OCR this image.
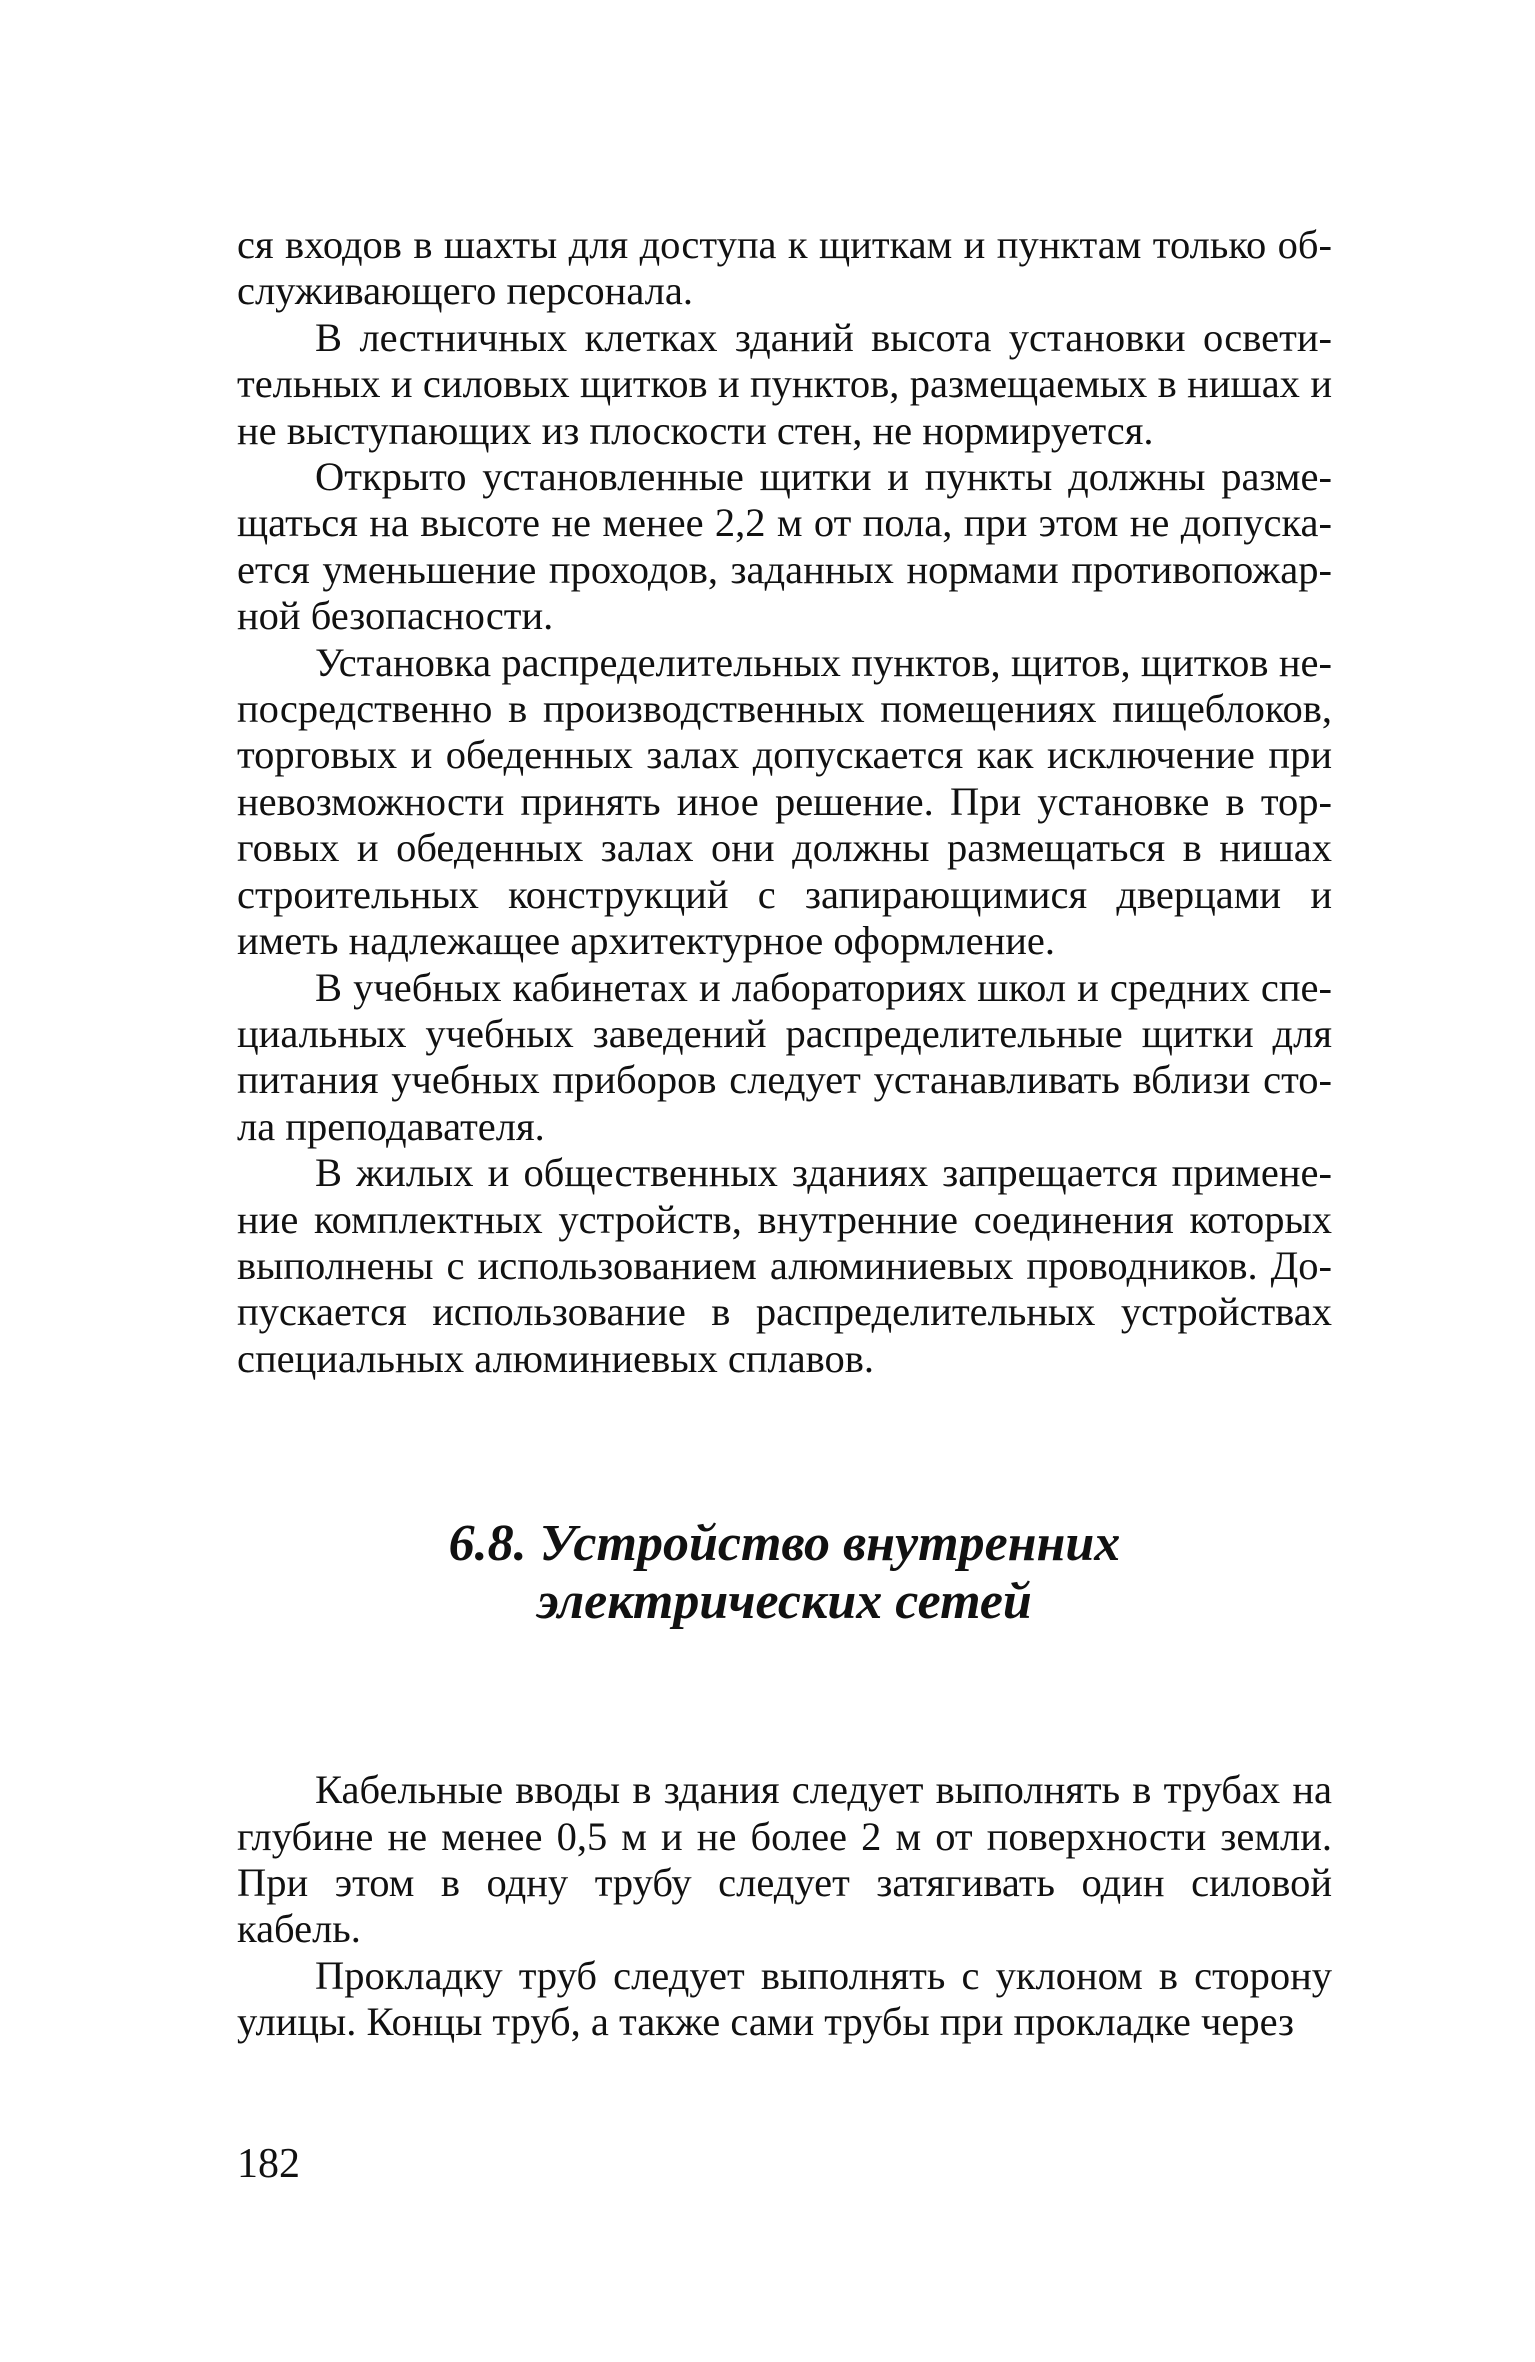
ся входов в шахты для доступа к щиткам и пунктам только обслуживающего персонала.

В лестничных клетках зданий высота установки осветительных и силовых щитков и пунктов, размещаемых в нишах и не выступающих из плоскости стен, не нормируется.

Открыто установленные щитки и пункты должны размещаться на высоте не менее 2,2 м от пола, при этом не допускается уменьшение проходов, заданных нормами противопожарной безопасности.

Установка распределительных пунктов, щитов, щитков непосредственно в производственных помещениях пищеблоков, торговых и обеденных залах допускается как исключение при невозможности принять иное решение. При установке в торговых и обеденных залах они должны размещаться в нишах строительных конструкций с запирающимися дверцами и иметь надлежащее архитектурное оформление.

В учебных кабинетах и лабораториях школ и средних специальных учебных заведений распределительные щитки для питания учебных приборов следует устанавливать вблизи стола преподавателя.

В жилых и общественных зданиях запрещается применение комплектных устройств, внутренние соединения которых выполнены с использованием алюминиевых проводников. Допускается использование в распределительных устройствах специальных алюминиевых сплавов.

6.8. Устройство внутренних
электрических сетей

Кабельные вводы в здания следует выполнять в трубах на глубине не менее 0,5 м и не более 2 м от поверхности земли. При этом в одну трубу следует затягивать один силовой кабель.

Прокладку труб следует выполнять с уклоном в сторону улицы. Концы труб, а также сами трубы при прокладке через

182
